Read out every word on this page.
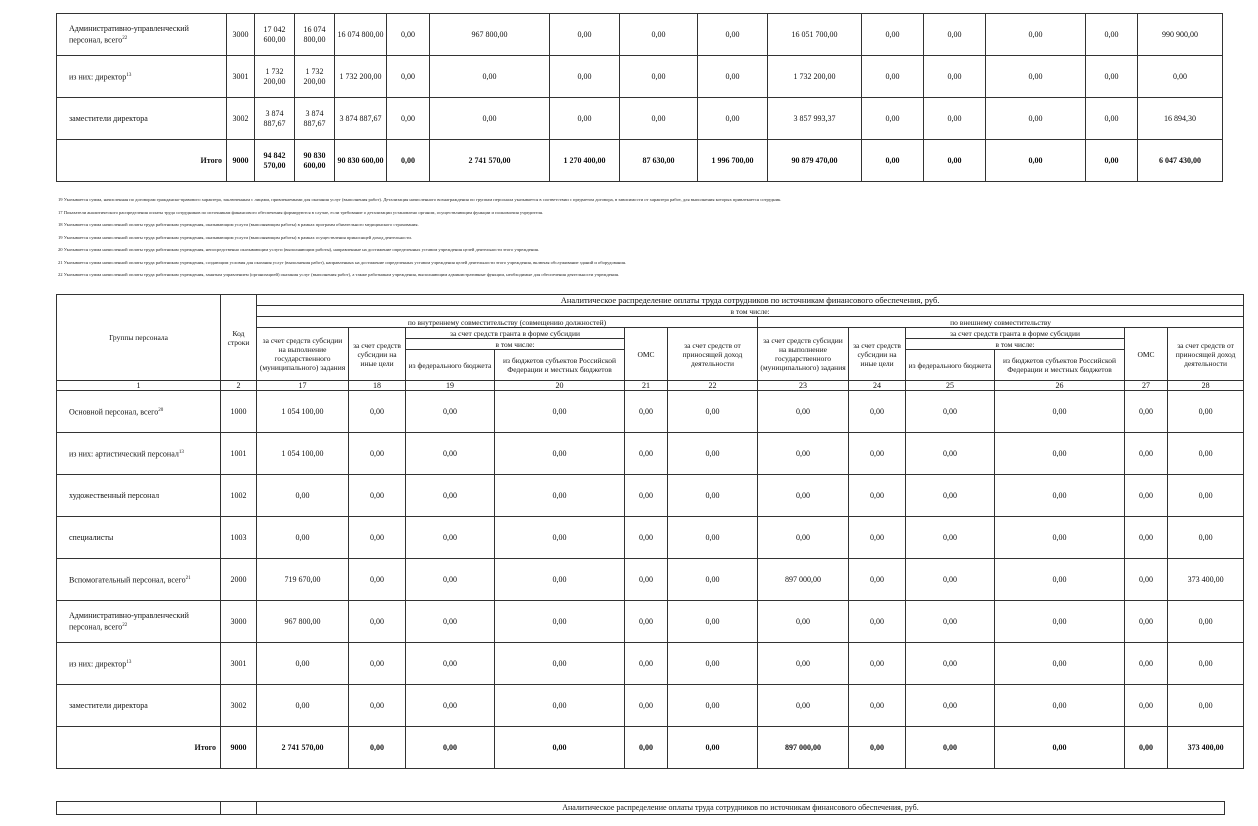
Административно-управленческий персонал, всего$^{22}$	3000	17 042 600,00	16 074 800,00	16 074 800,00	0,00	967 800,00	0,00	0,00	0,00	16 051 700,00	0,00	0,00	0,00	0,00	990 900,00
из них: директор$^{13}$	3001	1 732 200,00	1 732 200,00	1 732 200,00	0,00	0,00	0,00	0,00	0,00	1 732 200,00	0,00	0,00	0,00	0,00	0,00
заместители директора	3002	3 874 887,67	3 874 887,67	3 874 887,67	0,00	0,00	0,00	0,00	0,00	3 857 993,37	0,00	0,00	0,00	0,00	16 894,30
Итого	9000	94 842 570,00	90 830 600,00	90 830 600,00	0,00	2 741 570,00	1 270 400,00	87 630,00	1 996 700,00	90 879 470,00	0,00	0,00	0,00	0,00	6 047 430,00
19 Указывается сумма, начисленная по договорам гражданско-правового характера, заключенным с лицами, привлекаемыми для оказания услуг (выполнения работ). Детализация начисленного вознаграждения по группам персонала указывается в соответствии с предметом договора, в зависимости от характера работ, для выполнения которых привлекается сотрудник.
17 Показатели аналитического распределения оплаты труда сотрудников по источникам финансового обеспечения формируются в случае, если требование о детализации установлено органом, осуществляющим функции и полномочия учредителя.
18 Указывается сумма начисленной оплаты труда работникам учреждения, оказывающим услуги (выполняющим работы) в рамках программ обязательного медицинского страхования.
19 Указывается сумма начисленной оплаты труда работникам учреждения, оказывающим услуги (выполняющим работы) в рамках осуществления приносящей доход деятельности.
20 Указывается сумма начисленной оплаты труда работникам учреждения, непосредственно оказывающим услуги (выполняющим работы), направленные на достижение определенных уставом учреждения целей деятельности этого учреждения.
21 Указывается сумма начисленной оплаты труда работникам учреждения, создающим условия для оказания услуг (выполнения работ), направленных на достижение определенных уставом учреждения целей деятельности этого учреждения, включая обслуживание зданий и оборудования.
22 Указывается сумма начисленной оплаты труда работникам учреждения, занятым управлением (организацией) оказания услуг (выполнения работ), а также работникам учреждения, выполняющим административные функции, необходимые для обеспечения деятельности учреждения.
Группы персонала	Код строки	Аналитическое распределение оплаты труда сотрудников по источникам финансового обеспечения, руб.											
		в том числе:											
		по внутреннему совместительству (совмещению должностей)						по внешнему совместительству					
		за счет средств субсидии на выполнение государственного (муниципального) задания	за счет средств субсидии на иные цели	за счет средств гранта в форме субсидии		ОМС	за счет средств от приносящей доход деятельности	за счет средств субсидии на выполнение государственного (муниципального) задания	за счет средств субсидии на иные цели	за счет средств гранта в форме субсидии		ОМС	за счет средств от приносящей доход деятельности
				в том числе:						в том числе:			
				из федерального бюджета	из бюджетов субъектов Российской Федерации и местных бюджетов					из федерального бюджета	из бюджетов субъектов Российской Федерации и местных бюджетов		
1	2	17	18	19	20	21	22	23	24	25	26	27	28
Основной персонал, всего$^{20}$	1000	1 054 100,00	0,00	0,00	0,00	0,00	0,00	0,00	0,00	0,00	0,00	0,00	0,00
из них: артистический персонал$^{13}$	1001	1 054 100,00	0,00	0,00	0,00	0,00	0,00	0,00	0,00	0,00	0,00	0,00	0,00
художественный персонал	1002	0,00	0,00	0,00	0,00	0,00	0,00	0,00	0,00	0,00	0,00	0,00	0,00
специалисты	1003	0,00	0,00	0,00	0,00	0,00	0,00	0,00	0,00	0,00	0,00	0,00	0,00
Вспомогательный персонал, всего$^{21}$	2000	719 670,00	0,00	0,00	0,00	0,00	0,00	897 000,00	0,00	0,00	0,00	0,00	373 400,00
Административно-управленческий персонал, всего$^{22}$	3000	967 800,00	0,00	0,00	0,00	0,00	0,00	0,00	0,00	0,00	0,00	0,00	0,00
из них: директор$^{13}$	3001	0,00	0,00	0,00	0,00	0,00	0,00	0,00	0,00	0,00	0,00	0,00	0,00
заместители директора	3002	0,00	0,00	0,00	0,00	0,00	0,00	0,00	0,00	0,00	0,00	0,00	0,00
Итого	9000	2 741 570,00	0,00	0,00	0,00	0,00	0,00	897 000,00	0,00	0,00	0,00	0,00	373 400,00
		Аналитическое распределение оплаты труда сотрудников по источникам финансового обеспечения, руб.
